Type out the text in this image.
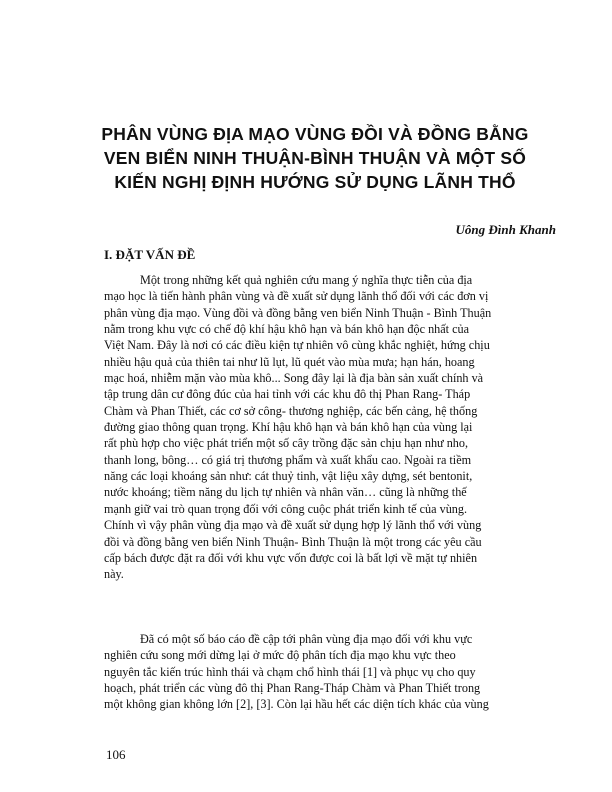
PHÂN VÙNG ĐỊA MẠO VÙNG ĐỒI VÀ ĐỒNG BẰNG
VEN BIỂN NINH THUẬN-BÌNH THUẬN VÀ MỘT SỐ
KIẾN NGHỊ ĐỊNH HƯỚNG SỬ DỤNG LÃNH THỔ
Uông Đình Khanh
I. ĐẶT VẤN ĐỀ
Một trong những kết quả nghiên cứu mang ý nghĩa thực tiễn của địa
mạo học là tiến hành phân vùng và đề xuất sử dụng lãnh thổ đối với các đơn vị
phân vùng địa mạo. Vùng đồi và đồng bằng ven biển Ninh Thuận - Bình Thuận
nằm trong khu vực có chế độ khí hậu khô hạn và bán khô hạn độc nhất của
Việt Nam. Đây là nơi có các điều kiện tự nhiên vô cùng khắc nghiệt, hứng chịu
nhiều hậu quả của thiên tai như lũ lụt, lũ quét vào mùa mưa; hạn hán, hoang
mạc hoá, nhiễm mặn vào mùa khô... Song đây lại là địa bàn sản xuất chính và
tập trung dân cư đông đúc của hai tỉnh với các khu đô thị Phan Rang- Tháp
Chàm và Phan Thiết, các cơ sở công- thương nghiệp, các bến cảng, hệ thống
đường giao thông quan trọng. Khí hậu khô hạn và bán khô hạn của vùng lại
rất phù hợp cho việc phát triển một số cây trồng đặc sản chịu hạn như nho,
thanh long, bông… có giá trị thương phẩm và xuất khẩu cao. Ngoài ra tiềm
năng các loại khoáng sản như: cát thuỷ tinh, vật liệu xây dựng, sét bentonit,
nước khoáng; tiềm năng du lịch tự nhiên và nhân văn… cũng là những thế
mạnh giữ vai trò quan trọng đối với công cuộc phát triển kinh tế của vùng.
Chính vì vậy phân vùng địa mạo và đề xuất sử dụng hợp lý lãnh thổ với vùng
đồi và đồng bằng ven biển Ninh Thuận- Bình Thuận là một trong các yêu cầu
cấp bách được đặt ra đối với khu vực vốn được coi là bất lợi về mặt tự nhiên
này.
Đã có một số báo cáo đề cập tới phân vùng địa mạo đối với khu vực
nghiên cứu song mới dừng lại ở mức độ phân tích địa mạo khu vực theo
nguyên tắc kiến trúc hình thái và chạm chổ hình thái [1] và phục vụ cho quy
hoạch, phát triển các vùng đô thị Phan Rang-Tháp Chàm và Phan Thiết trong
một không gian không lớn [2], [3]. Còn lại hầu hết các diện tích khác của vùng
106
